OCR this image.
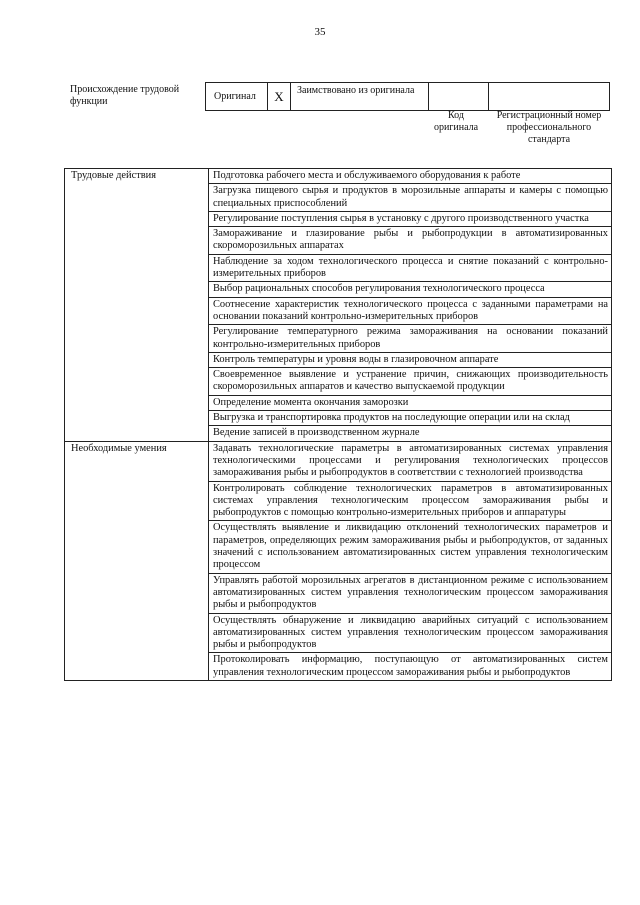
35
Происхождение трудовой функции	Оригинал	X	Заимствовано из оригинала
Код оригинала
Регистрационный номер профессионального стандарта
Трудовые действия	Подготовка рабочего места и обслуживаемого оборудования к работе
	Загрузка пищевого сырья и продуктов в морозильные аппараты и камеры с помощью специальных приспособлений
	Регулирование поступления сырья в установку с другого производственного участка
	Замораживание и глазирование рыбы и рыбопродукции в автоматизированных скороморозильных аппаратах
	Наблюдение за ходом технологического процесса и снятие показаний с контрольно-измерительных приборов
	Выбор рациональных способов регулирования технологического процесса
	Соотнесение характеристик технологического процесса с заданными параметрами на основании показаний контрольно-измерительных приборов
	Регулирование температурного режима замораживания на основании показаний контрольно-измерительных приборов
	Контроль температуры и уровня воды в глазировочном аппарате
	Своевременное выявление и устранение причин, снижающих производительность скороморозильных аппаратов и качество выпускаемой продукции
	Определение момента окончания заморозки
	Выгрузка и транспортировка продуктов на последующие операции или на склад
	Ведение записей в производственном журнале
Необходимые умения	Задавать технологические параметры в автоматизированных системах управления технологическими процессами и регулирования технологических процессов замораживания рыбы и рыбопродуктов в соответствии с технологией производства
	Контролировать соблюдение технологических параметров в автоматизированных системах управления технологическим процессом замораживания рыбы и рыбопродуктов с помощью контрольно-измерительных приборов и аппаратуры
	Осуществлять выявление и ликвидацию отклонений технологических параметров и параметров, определяющих режим замораживания рыбы и рыбопродуктов, от заданных значений с использованием автоматизированных систем управления технологическим процессом
	Управлять работой морозильных агрегатов в дистанционном режиме с использованием автоматизированных систем управления технологическим процессом замораживания рыбы и рыбопродуктов
	Осуществлять обнаружение и ликвидацию аварийных ситуаций с использованием автоматизированных систем управления технологическим процессом замораживания рыбы и рыбопродуктов
	Протоколировать информацию, поступающую от автоматизированных систем управления технологическим процессом замораживания рыбы и рыбопродуктов
